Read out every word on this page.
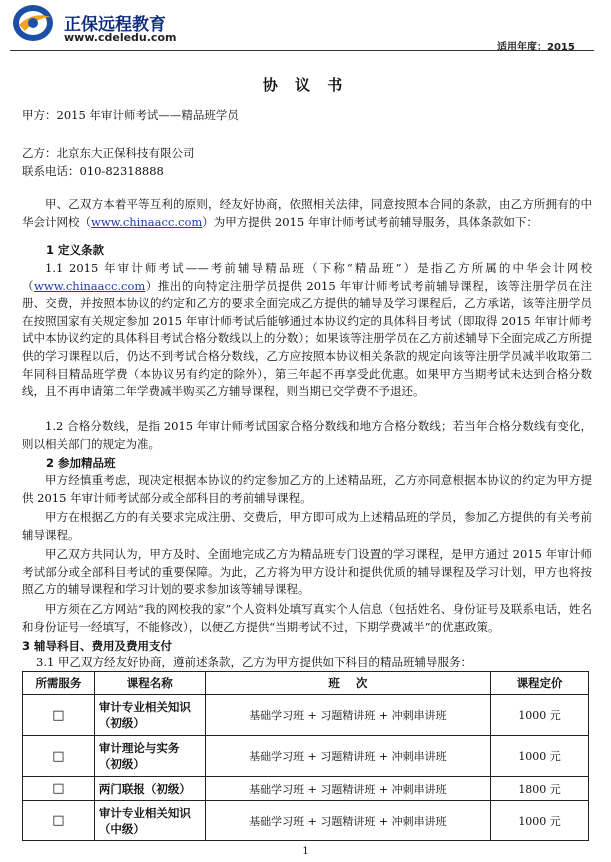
正保远程教育
www.cdeledu.com
适用年度：2015
协 议 书
甲方：2015 年审计师考试——精品班学员
乙方：北京东大正保科技有限公司
联系电话：010-82318888
甲、乙双方本着平等互利的原则，经友好协商，依照相关法律，同意按照本合同的条款，由乙方所拥有的中华会计网校（www.chinaacc.com）为甲方提供 2015 年审计师考试考前辅导服务，具体条款如下：
1 定义条款
1.1 2015 年审计师考试——考前辅导精品班（下称“精品班”）是指乙方所属的中华会计网校（www.chinaacc.com）推出的向特定注册学员提供 2015 年审计师考试考前辅导课程，该等注册学员在注册、交费，并按照本协议的约定和乙方的要求全面完成乙方提供的辅导及学习课程后，乙方承诺，该等注册学员在按照国家有关规定参加 2015 年审计师考试后能够通过本协议约定的具体科目考试（即取得 2015 年审计师考试中本协议约定的具体科目考试合格分数线以上的分数）；如果该等注册学员在乙方前述辅导下全面完成乙方所提供的学习课程以后，仍达不到考试合格分数线，乙方应按照本协议相关条款的规定向该等注册学员减半收取第二年同科目精品班学费（本协议另有约定的除外），第三年起不再享受此优惠。如果甲方当期考试未达到合格分数线，且不再申请第二年学费减半购买乙方辅导课程，则当期已交学费不予退还。
1.2 合格分数线，是指 2015 年审计师考试国家合格分数线和地方合格分数线；若当年合格分数线有变化，则以相关部门的规定为准。
2 参加精品班
甲方经慎重考虑，现决定根据本协议的约定参加乙方的上述精品班，乙方亦同意根据本协议的约定为甲方提供 2015 年审计师考试部分或全部科目的考前辅导课程。
甲方在根据乙方的有关要求完成注册、交费后，甲方即可成为上述精品班的学员，参加乙方提供的有关考前辅导课程。
甲乙双方共同认为，甲方及时、全面地完成乙方为精品班专门设置的学习课程，是甲方通过 2015 年审计师考试部分或全部科目考试的重要保障。为此，乙方将为甲方设计和提供优质的辅导课程及学习计划，甲方也将按照乙方的辅导课程和学习计划的要求参加该等辅导课程。
甲方须在乙方网站“我的网校我的家”个人资料处填写真实个人信息（包括姓名、身份证号及联系电话，姓名和身份证号一经填写，不能修改），以便乙方提供“当期考试不过，下期学费减半”的优惠政策。
3 辅导科目、费用及费用支付
3.1 甲乙双方经友好协商，遵前述条款，乙方为甲方提供如下科目的精品班辅导服务：
所需服务	课程名称	班    次	课程定价
□	审计专业相关知识（初级）	基础学习班 + 习题精讲班 + 冲刺串讲班	1000 元
□	审计理论与实务（初级）	基础学习班 + 习题精讲班 + 冲刺串讲班	1000 元
□	两门联报（初级）	基础学习班 + 习题精讲班 + 冲刺串讲班	1800 元
□	审计专业相关知识（中级）	基础学习班 + 习题精讲班 + 冲刺串讲班	1000 元
1
